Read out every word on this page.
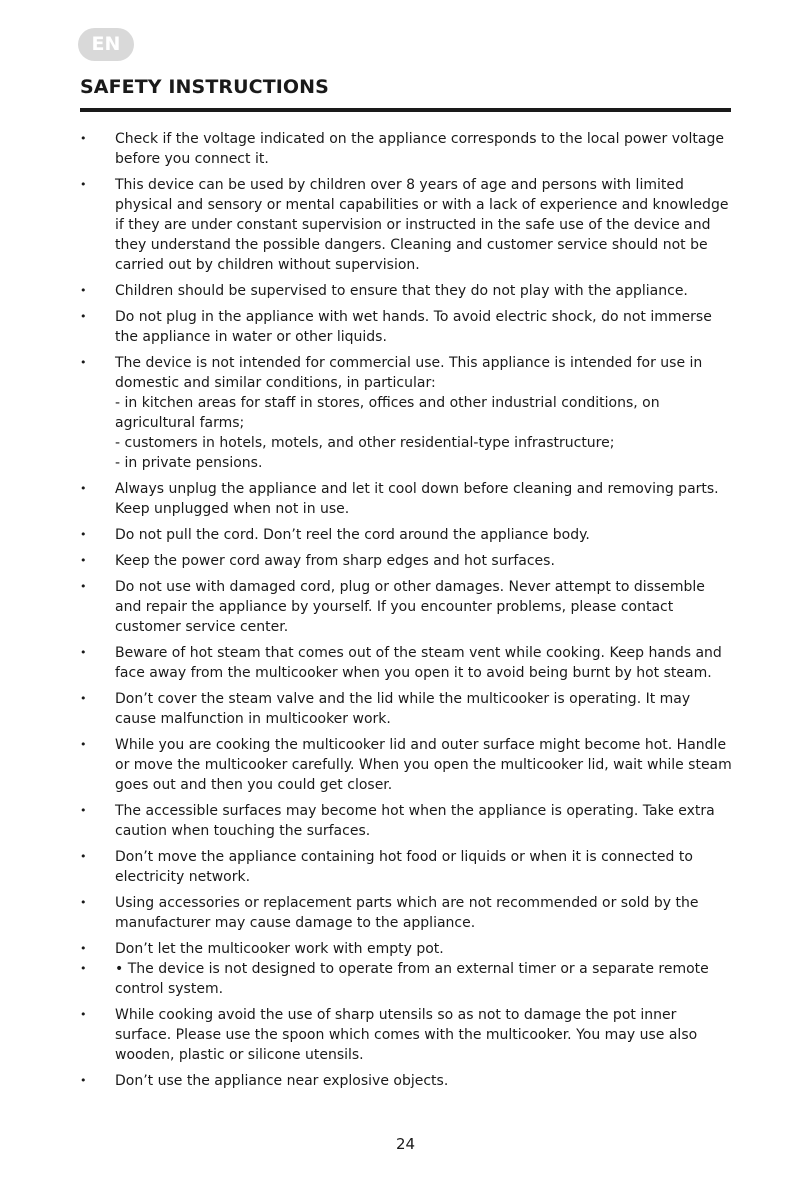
EN
SAFETY INSTRUCTIONS
• Check if the voltage indicated on the appliance corresponds to the local power voltage before you connect it.
• This device can be used by children over 8 years of age and persons with limited physical and sensory or mental capabilities or with a lack of experience and knowledge if they are under constant supervision or instructed in the safe use of the device and they understand the possible dangers. Cleaning and customer service should not be carried out by children without supervision.
• Children should be supervised to ensure that they do not play with the appliance.
• Do not plug in the appliance with wet hands. To avoid electric shock, do not immerse the appliance in water or other liquids.
• The device is not intended for commercial use. This appliance is intended for use in domestic and similar conditions, in particular:
- in kitchen areas for staff in stores, offices and other industrial conditions, on agricultural farms;
- customers in hotels, motels, and other residential-type infrastructure;
- in private pensions.
• Always unplug the appliance and let it cool down before cleaning and removing parts. Keep unplugged when not in use.
• Do not pull the cord. Don’t reel the cord around the appliance body.
• Keep the power cord away from sharp edges and hot surfaces.
• Do not use with damaged cord, plug or other damages. Never attempt to dissemble and repair the appliance by yourself. If you encounter problems, please contact customer service center.
• Beware of hot steam that comes out of the steam vent while cooking. Keep hands and face away from the multicooker when you open it to avoid being burnt by hot steam.
• Don’t cover the steam valve and the lid while the multicooker is operating. It may cause malfunction in multicooker work.
• While you are cooking the multicooker lid and outer surface might become hot. Handle or move the multicooker carefully. When you open the multicooker lid, wait while steam goes out and then you could get closer.
• The accessible surfaces may become hot when the appliance is operating. Take extra caution when touching the surfaces.
• Don’t move the appliance containing hot food or liquids or when it is connected to electricity network.
• Using accessories or replacement parts which are not recommended or sold by the manufacturer may cause damage to the appliance.
• Don’t let the multicooker work with empty pot.
• • The device is not designed to operate from an external timer or a separate remote control system.
• While cooking avoid the use of sharp utensils so as not to damage the pot inner surface. Please use the spoon which comes with the multicooker. You may use also wooden, plastic or silicone utensils.
• Don’t use the appliance near explosive objects.
24
